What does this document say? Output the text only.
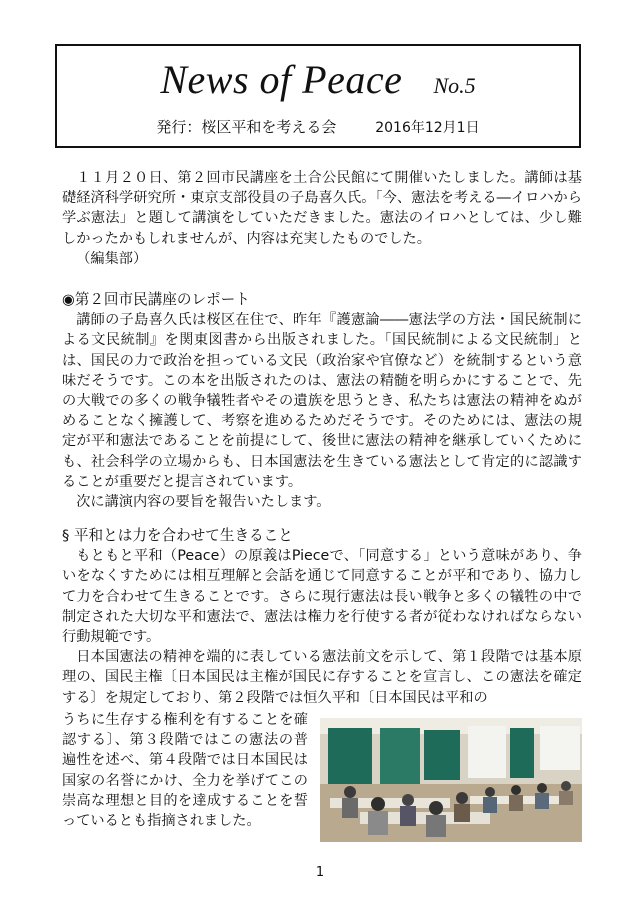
News of Peace No.5
発行：桜区平和を考える会	2016年12月1日

１１月２０日、第２回市民講座を土合公民館にて開催いたしました。講師は基礎経済科学研究所・東京支部役員の子島喜久氏。「今、憲法を考える―イロハから学ぶ憲法」と題して講演をしていただきました。憲法のイロハとしては、少し難しかったかもしれませんが、内容は充実したものでした。

（編集部）

◉第２回市民講座のレポート

講師の子島喜久氏は桜区在住で、昨年『護憲論――憲法学の方法・国民統制による文民統制』を関東図書から出版されました。「国民統制による文民統制」とは、国民の力で政治を担っている文民（政治家や官僚など）を統制するという意味だそうです。この本を出版されたのは、憲法の精髄を明らかにすることで、先の大戦での多くの戦争犠牲者やその遺族を思うとき、私たちは憲法の精神をぬがめることなく擁護して、考察を進めるためだそうです。そのためには、憲法の規定が平和憲法であることを前提にして、後世に憲法の精神を継承していくためにも、社会科学の立場からも、日本国憲法を生きている憲法として肯定的に認識することが重要だと提言されています。

次に講演内容の要旨を報告いたします。

§ 平和とは力を合わせて生きること

もともと平和（Peace）の原義はPieceで、「同意する」という意味があり、争いをなくすためには相互理解と会話を通じて同意することが平和であり、協力して力を合わせて生きることです。さらに現行憲法は長い戦争と多くの犠牲の中で制定された大切な平和憲法で、憲法は権力を行使する者が従わなければならない行動規範です。

日本国憲法の精神を端的に表している憲法前文を示して、第１段階では基本原理の、国民主権〔日本国民は主権が国民に存することを宣言し、この憲法を確定する〕を規定しており、第２段階では恒久平和〔日本国民は平和の

うちに生存する権利を有することを確認する〕、第３段階ではこの憲法の普遍性を述べ、第４段階では日本国民は国家の名誉にかけ、全力を挙げてこの崇高な理想と目的を達成することを誓っているとも指摘されました。

1
